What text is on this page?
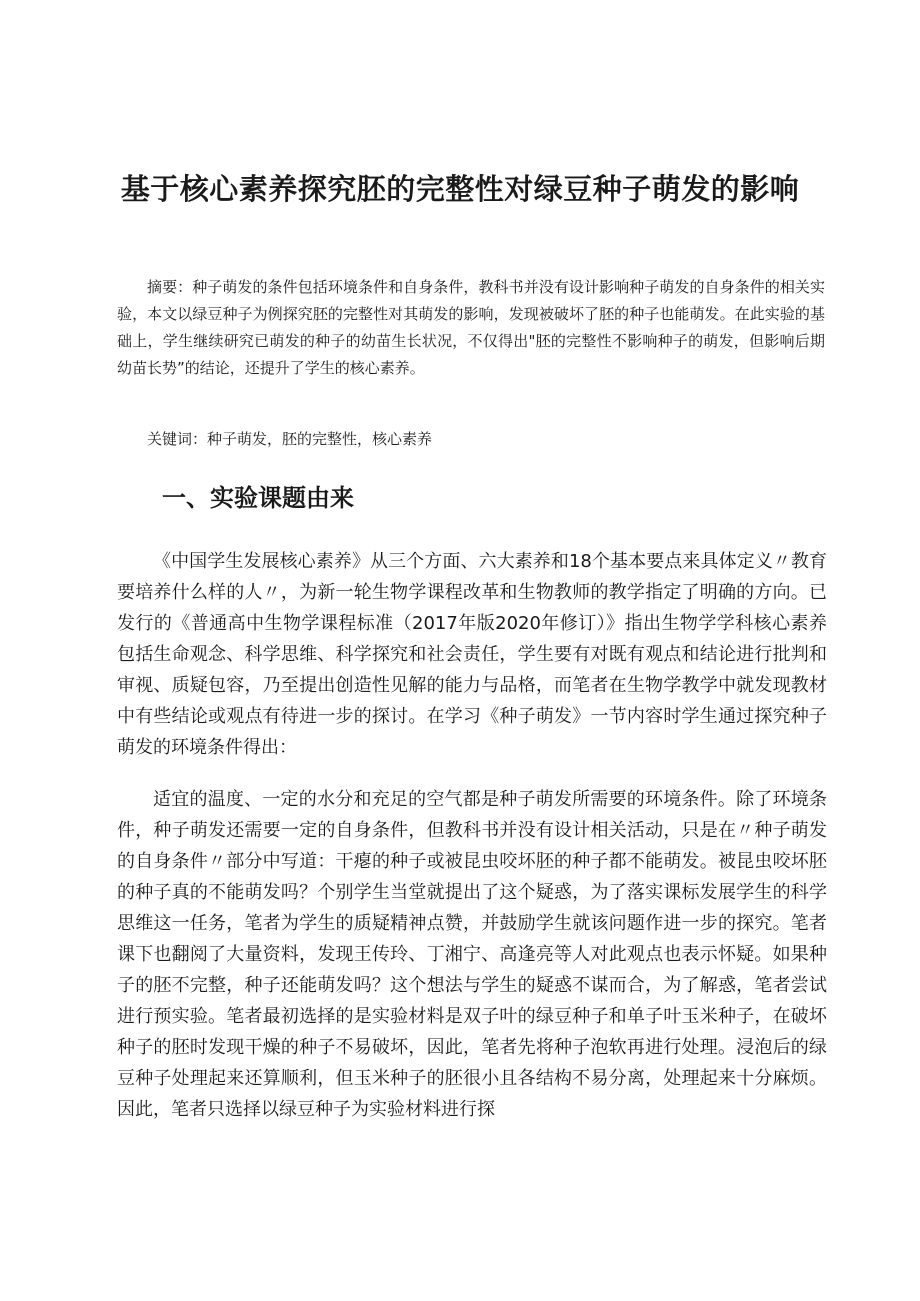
基于核心素养探究胚的完整性对绿豆种子萌发的影响

摘要：种子萌发的条件包括环境条件和自身条件，教科书并没有设计影响种子萌发的自身条件的相关实验，本文以绿豆种子为例探究胚的完整性对其萌发的影响，发现被破坏了胚的种子也能萌发。在此实验的基础上，学生继续研究已萌发的种子的幼苗生长状况，不仅得出"胚的完整性不影响种子的萌发，但影响后期幼苗长势”的结论，还提升了学生的核心素养。

关键词：种子萌发，胚的完整性，核心素养

一、实验课题由来

《中国学生发展核心素养》从三个方面、六大素养和18个基本要点来具体定义〃教育要培养什么样的人〃，为新一轮生物学课程改革和生物教师的教学指定了明确的方向。已发行的《普通高中生物学课程标准（2017年版2020年修订）》指出生物学学科核心素养包括生命观念、科学思维、科学探究和社会责任，学生要有对既有观点和结论进行批判和审视、质疑包容，乃至提出创造性见解的能力与品格，而笔者在生物学教学中就发现教材中有些结论或观点有待进一步的探讨。在学习《种子萌发》一节内容时学生通过探究种子萌发的环境条件得出：

适宜的温度、一定的水分和充足的空气都是种子萌发所需要的环境条件。除了环境条件，种子萌发还需要一定的自身条件，但教科书并没有设计相关活动，只是在〃种子萌发的自身条件〃部分中写道：干瘪的种子或被昆虫咬坏胚的种子都不能萌发。被昆虫咬坏胚的种子真的不能萌发吗？个别学生当堂就提出了这个疑惑，为了落实课标发展学生的科学思维这一任务，笔者为学生的质疑精神点赞，并鼓励学生就该问题作进一步的探究。笔者课下也翻阅了大量资料，发现王传玲、丁湘宁、高逢亮等人对此观点也表示怀疑。如果种子的胚不完整，种子还能萌发吗？这个想法与学生的疑惑不谋而合，为了解惑，笔者尝试进行预实验。笔者最初选择的是实验材料是双子叶的绿豆种子和单子叶玉米种子，在破坏种子的胚时发现干燥的种子不易破坏，因此，笔者先将种子泡软再进行处理。浸泡后的绿豆种子处理起来还算顺利，但玉米种子的胚很小且各结构不易分离，处理起来十分麻烦。因此，笔者只选择以绿豆种子为实验材料进行探
